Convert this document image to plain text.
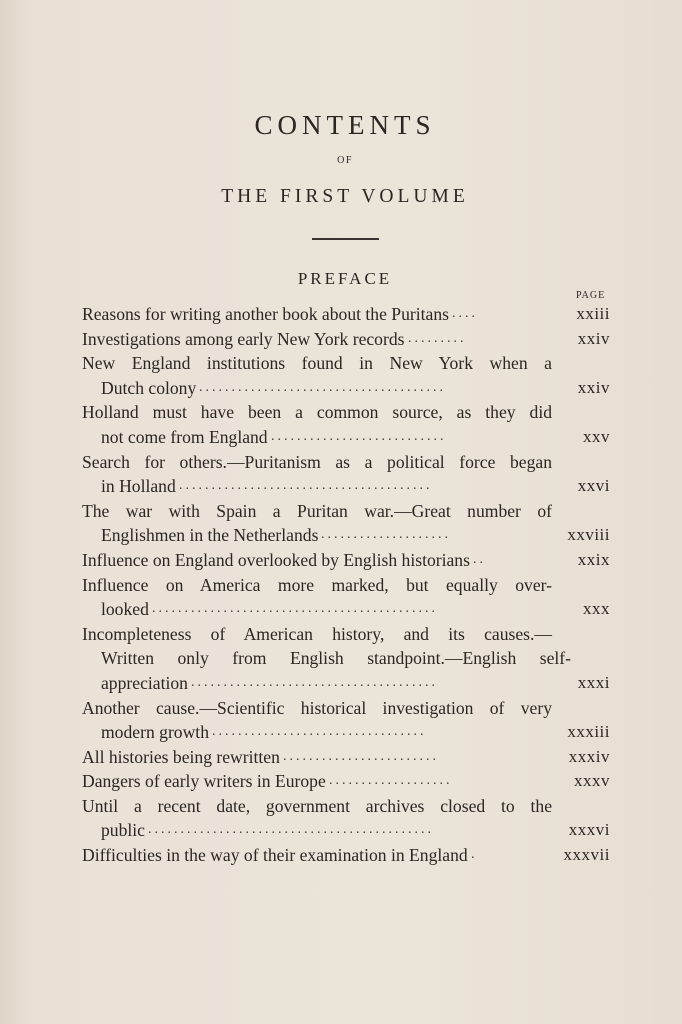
CONTENTS
OF
THE FIRST VOLUME
PREFACE
PAGE
Reasons for writing another book about the Puritans ....	xxiii
Investigations among early New York records .........	xxiv
New England institutions found in New York when a
Dutch colony ......................................	xxiv
Holland must have been a common source, as they did
not come from England ...........................	xxv
Search for others.—Puritanism as a political force began
in Holland .......................................	xxvi
The war with Spain a Puritan war.—Great number of
Englishmen in the Netherlands ....................	xxviii
Influence on England overlooked by English historians ..	xxix
Influence on America more marked, but equally over-
looked ............................................	xxx
Incompleteness of American history, and its causes.—
Written only from English standpoint.—English self-
appreciation ......................................	xxxi
Another cause.—Scientific historical investigation of very
modern growth .................................	xxxiii
All histories being rewritten ........................	xxxiv
Dangers of early writers in Europe ...................	xxxv
Until a recent date, government archives closed to the
public ............................................	xxxvi
Difficulties in the way of their examination in England .	xxxvii
